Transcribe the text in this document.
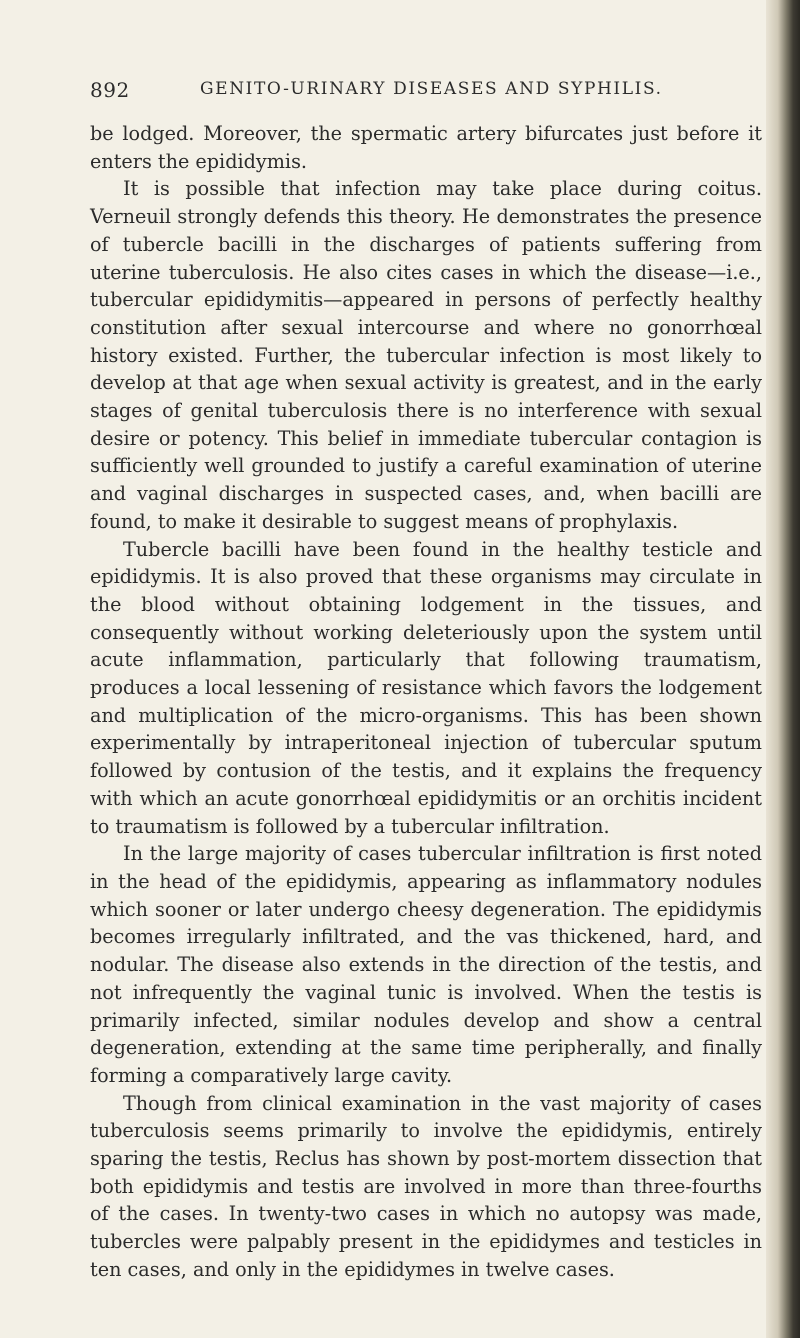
892	GENITO-URINARY DISEASES AND SYPHILIS.

be lodged. Moreover, the spermatic artery bifurcates just before it enters the epididymis.

It is possible that infection may take place during coitus. Verneuil strongly defends this theory. He demonstrates the presence of tubercle bacilli in the discharges of patients suffering from uterine tuberculosis. He also cites cases in which the disease—i.e., tubercular epididymitis—appeared in persons of perfectly healthy constitution after sexual intercourse and where no gonorrhœal history existed. Further, the tubercular infection is most likely to develop at that age when sexual activity is greatest, and in the early stages of genital tuberculosis there is no interference with sexual desire or potency. This belief in immediate tubercular contagion is sufficiently well grounded to justify a careful examination of uterine and vaginal discharges in suspected cases, and, when bacilli are found, to make it desirable to suggest means of prophylaxis.

Tubercle bacilli have been found in the healthy testicle and epididymis. It is also proved that these organisms may circulate in the blood without obtaining lodgement in the tissues, and consequently without working deleteriously upon the system until acute inflammation, particularly that following traumatism, produces a local lessening of resistance which favors the lodgement and multiplication of the micro-organisms. This has been shown experimentally by intraperitoneal injection of tubercular sputum followed by contusion of the testis, and it explains the frequency with which an acute gonorrhœal epididymitis or an orchitis incident to traumatism is followed by a tubercular infiltration.

In the large majority of cases tubercular infiltration is first noted in the head of the epididymis, appearing as inflammatory nodules which sooner or later undergo cheesy degeneration. The epididymis becomes irregularly infiltrated, and the vas thickened, hard, and nodular. The disease also extends in the direction of the testis, and not infrequently the vaginal tunic is involved. When the testis is primarily infected, similar nodules develop and show a central degeneration, extending at the same time peripherally, and finally forming a comparatively large cavity.

Though from clinical examination in the vast majority of cases tuberculosis seems primarily to involve the epididymis, entirely sparing the testis, Reclus has shown by post-mortem dissection that both epididymis and testis are involved in more than three-fourths of the cases. In twenty-two cases in which no autopsy was made, tubercles were palpably present in the epididymes and testicles in ten cases, and only in the epididymes in twelve cases.
